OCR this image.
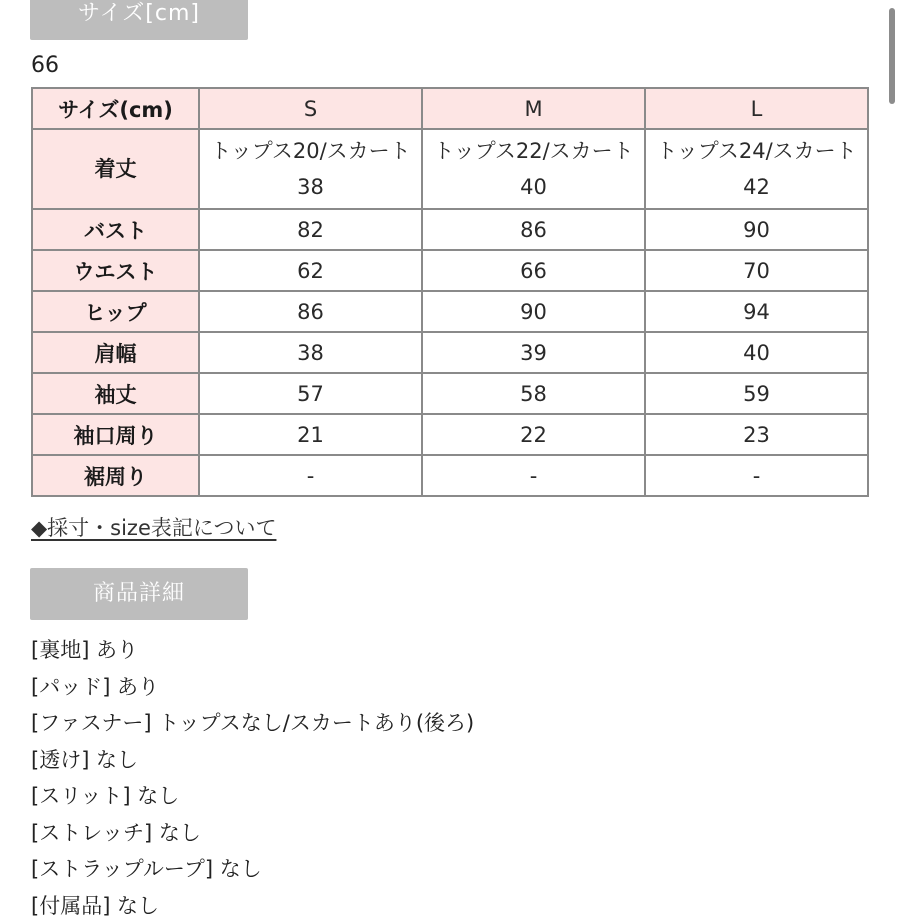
サイズ[cm]
66
サイズ(cm)	S	M	L
着丈	トップス20/スカート38	トップス22/スカート40	トップス24/スカート42
バスト	82	86	90
ウエスト	62	66	70
ヒップ	86	90	94
肩幅	38	39	40
袖丈	57	58	59
袖口周り	21	22	23
裾周り	-	-	-
◆採寸・size表記について
商品詳細
[裏地] あり
[パッド] あり
[ファスナー] トップスなし/スカートあり(後ろ)
[透け] なし
[スリット] なし
[ストレッチ] なし
[ストラップループ] なし
[付属品] なし
